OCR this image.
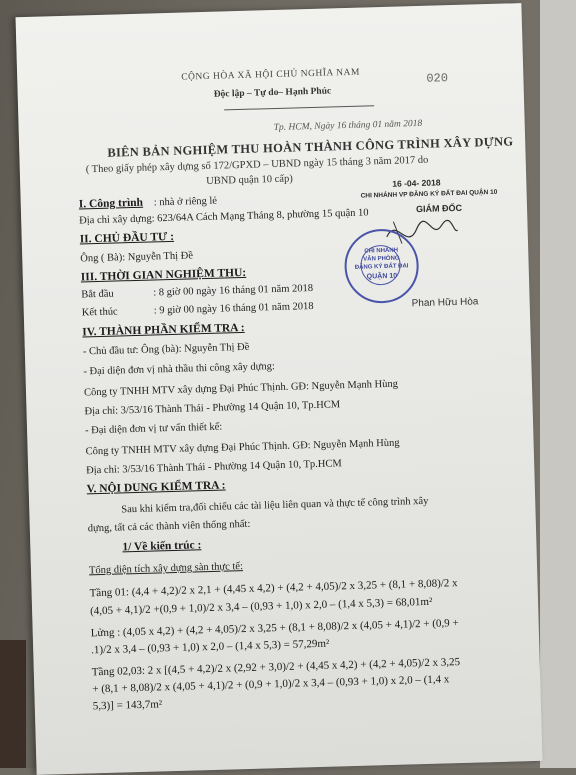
CỘNG HÒA XÃ HỘI CHỦ NGHĨA NAM	020
Độc lập – Tự do– Hạnh Phúc
Tp. HCM, Ngày 16 tháng 01 năm 2018
BIÊN BẢN NGHIỆM THU HOÀN THÀNH CÔNG TRÌNH XÂY DỰNG
( Theo giấy phép xây dựng số 172/GPXD – UBND ngày 15 tháng 3 năm 2017 do
UBND quận 10 cấp)
I. Công trình : nhà ở riêng lẻ
Địa chỉ xây dựng: 623/64A Cách Mạng Tháng 8, phường 15 quận 10
II. CHỦ ĐẦU TƯ :
Ông ( Bà): Nguyễn Thị Đề
III. THỜI GIAN NGHIỆM THU:
Bắt đầu	: 8 giờ 00 ngày 16 tháng 01 năm 2018
Kết thúc	: 9 giờ 00 ngày 16 tháng 01 năm 2018
IV. THÀNH PHẦN KIỂM TRA :
- Chủ đầu tư: Ông (bà): Nguyễn Thị Đề
- Đại diện đơn vị nhà thầu thi công xây dựng:
Công ty TNHH MTV xây dựng Đại Phúc Thịnh. GĐ: Nguyễn Mạnh Hùng
Địa chỉ: 3/53/16 Thành Thái - Phường 14 Quận 10, Tp.HCM
- Đại diện đơn vị tư vấn thiết kế:
Công ty TNHH MTV xây dựng Đại Phúc Thịnh. GĐ: Nguyễn Mạnh Hùng
Địa chỉ: 3/53/16 Thành Thái - Phường 14 Quận 10, Tp.HCM
V. NỘI DUNG KIỂM TRA :
Sau khi kiểm tra,đối chiếu các tài liệu liên quan và thực tế công trình xây
dựng, tất cả các thành viên thống nhất:
1/ Về kiến trúc :
Tổng diện tích xây dựng sàn thực tế:
Tầng 01: (4,4 + 4,2)/2 x 2,1 + (4,45 x 4,2) + (4,2 + 4,05)/2 x 3,25 + (8,1 + 8,08)/2 x
(4,05 + 4,1)/2 +(0,9 + 1,0)/2 x 3,4 – (0,93 + 1,0) x 2,0 – (1,4 x 5,3) = 68,01m²
Lửng : (4,05 x 4,2) + (4,2 + 4,05)/2 x 3,25 + (8,1 + 8,08)/2 x (4,05 + 4,1)/2 + (0,9 +
.1)/2 x 3,4 – (0,93 + 1,0) x 2,0 – (1,4 x 5,3) = 57,29m²
Tầng 02,03: 2 x [(4,5 + 4,2)/2 x (2,92 + 3,0)/2 + (4,45 x 4,2) + (4,2 + 4,05)/2 x 3,25
+ (8,1 + 8,08)/2 x (4,05 + 4,1)/2 + (0,9 + 1,0)/2 x 3,4 – (0,93 + 1,0) x 2,0 – (1,4 x
5,3)] = 143,7m²
16 -04- 2018
CHI NHÁNH VP ĐĂNG KÝ ĐẤT ĐAI QUẬN 10
GIÁM ĐỐC
CHI NHÁNH
VĂN PHÒNG
ĐĂNG KÝ ĐẤT ĐAI
QUẬN 10
Phan Hữu Hòa
